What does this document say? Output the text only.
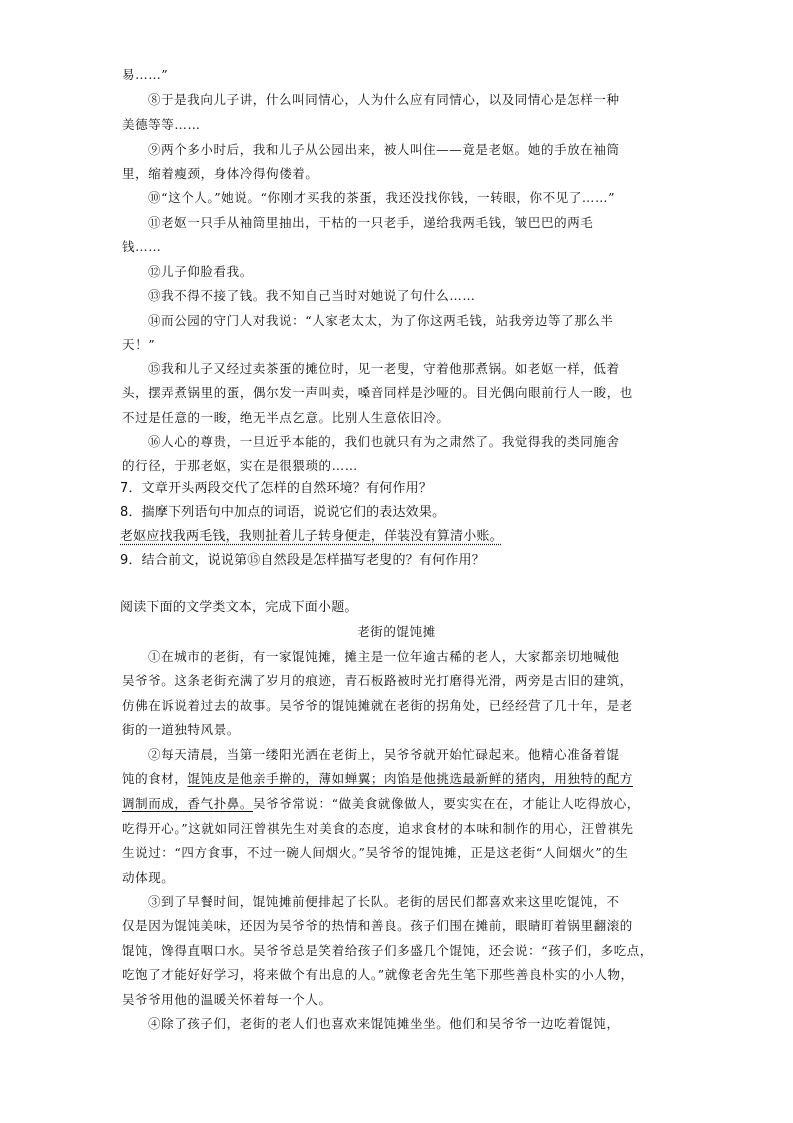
易……”
⑧于是我向儿子讲，什么叫同情心，人为什么应有同情心，以及同情心是怎样一种
美德等等……
⑨两个多小时后，我和儿子从公园出来，被人叫住——竟是老妪。她的手放在袖筒
里，缩着瘦颈，身体冷得佝偻着。
⑩“这个人。”她说。“你刚才买我的茶蛋，我还没找你钱，一转眼，你不见了……”
⑪老妪一只手从袖筒里抽出，干枯的一只老手，递给我两毛钱，皱巴巴的两毛
钱……
⑫儿子仰脸看我。
⑬我不得不接了钱。我不知自己当时对她说了句什么……
⑭而公园的守门人对我说：“人家老太太，为了你这两毛钱，站我旁边等了那么半
天！”
⑮我和儿子又经过卖茶蛋的摊位时，见一老叟，守着他那煮锅。如老妪一样，低着
头，摆弄煮锅里的蛋，偶尔发一声叫卖，嗓音同样是沙哑的。目光偶向眼前行人一睃，也
不过是任意的一睃，绝无半点乞意。比别人生意依旧冷。
⑯人心的尊贵，一旦近乎本能的，我们也就只有为之肃然了。我觉得我的类同施舍
的行径，于那老妪，实在是很猥琐的……
7．文章开头两段交代了怎样的自然环境？有何作用？
8．揣摩下列语句中加点的词语，说说它们的表达效果。
老妪应找我两毛钱，我则扯着儿子转身便走，佯装没有算清小账。
9．结合前文，说说第⑮自然段是怎样描写老叟的？有何作用？
阅读下面的文学类文本，完成下面小题。
老街的馄饨摊
①在城市的老街，有一家馄饨摊，摊主是一位年逾古稀的老人，大家都亲切地喊他
吴爷爷。这条老街充满了岁月的痕迹，青石板路被时光打磨得光滑，两旁是古旧的建筑，
仿佛在诉说着过去的故事。吴爷爷的馄饨摊就在老街的拐角处，已经经营了几十年，是老
街的一道独特风景。
②每天清晨，当第一缕阳光洒在老街上，吴爷爷就开始忙碌起来。他精心准备着馄
饨的食材，馄饨皮是他亲手擀的，薄如蝉翼；肉馅是他挑选最新鲜的猪肉，用独特的配方
调制而成，香气扑鼻。吴爷爷常说：“做美食就像做人，要实实在在，才能让人吃得放心，
吃得开心。”这就如同汪曾祺先生对美食的态度，追求食材的本味和制作的用心，汪曾祺先
生说过：“四方食事，不过一碗人间烟火。”吴爷爷的馄饨摊，正是这老街“人间烟火”的生
动体现。
③到了早餐时间，馄饨摊前便排起了长队。老街的居民们都喜欢来这里吃馄饨，不
仅是因为馄饨美味，还因为吴爷爷的热情和善良。孩子们围在摊前，眼睛盯着锅里翻滚的
馄饨，馋得直咽口水。吴爷爷总是笑着给孩子们多盛几个馄饨，还会说：“孩子们，多吃点，
吃饱了才能好好学习，将来做个有出息的人。”就像老舍先生笔下那些善良朴实的小人物，
吴爷爷用他的温暖关怀着每一个人。
④除了孩子们，老街的老人们也喜欢来馄饨摊坐坐。他们和吴爷爷一边吃着馄饨，
